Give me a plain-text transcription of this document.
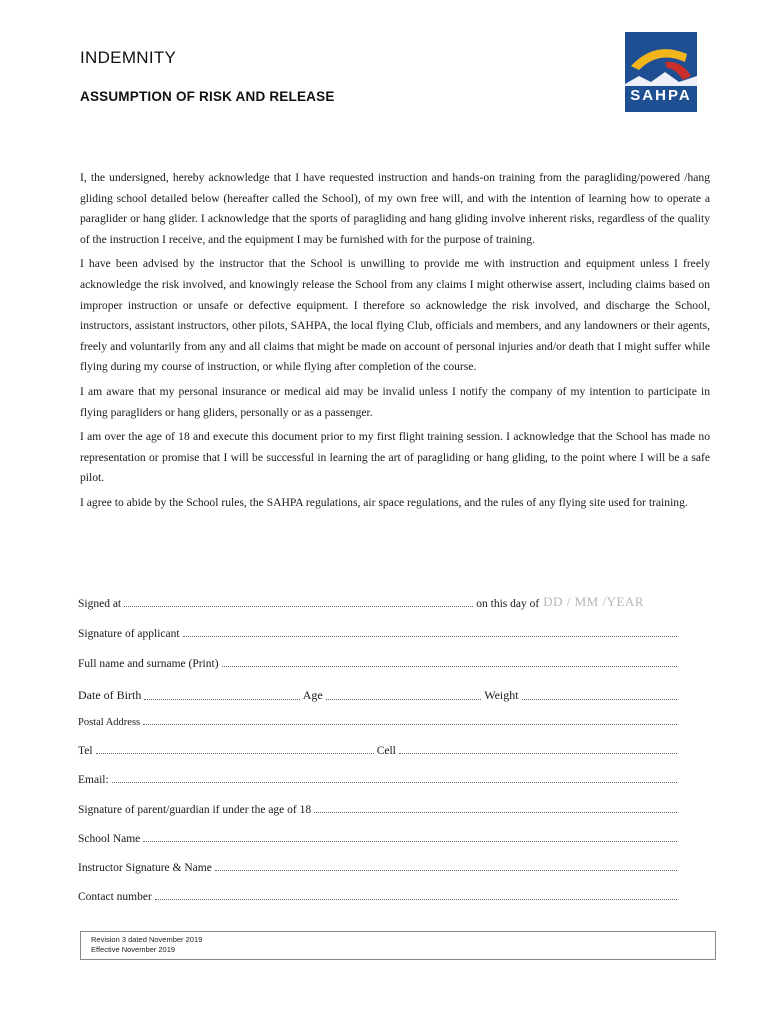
INDEMNITY
ASSUMPTION OF RISK AND RELEASE	SAHPA

I, the undersigned, hereby acknowledge that I have requested instruction and hands-on training from the paragliding/powered /hang gliding school detailed below (hereafter called the School), of my own free will, and with the intention of learning how to operate a paraglider or hang glider. I acknowledge that the sports of paragliding and hang gliding involve inherent risks, regardless of the quality of the instruction I receive, and the equipment I may be furnished with for the purpose of training.

I have been advised by the instructor that the School is unwilling to provide me with instruction and equipment unless I freely acknowledge the risk involved, and knowingly release the School from any claims I might otherwise assert, including claims based on improper instruction or unsafe or defective equipment. I therefore so acknowledge the risk involved, and discharge the School, instructors, assistant instructors, other pilots, SAHPA, the local flying Club, officials and members, and any landowners or their agents, freely and voluntarily from any and all claims that might be made on account of personal injuries and/or death that I might suffer while flying during my course of instruction, or while flying after completion of the course.

I am aware that my personal insurance or medical aid may be invalid unless I notify the company of my intention to participate in flying paragliders or hang gliders, personally or as a passenger.

I am over the age of 18 and execute this document prior to my first flight training session. I acknowledge that the School has made no representation or promise that I will be successful in learning the art of paragliding or hang gliding, to the point where I will be a safe pilot.

I agree to abide by the School rules, the SAHPA regulations, air space regulations, and the rules of any flying site used for training.

Signed at	on this day of DD / MM /YEAR
Signature of applicant
Full name and surname (Print)
Date of Birth	Age	Weight
Postal Address
Tel	Cell
Email:
Signature of parent/guardian if under the age of 18
School Name
Instructor Signature & Name
Contact number
Revision 3 dated November 2019
Effective November 2019
